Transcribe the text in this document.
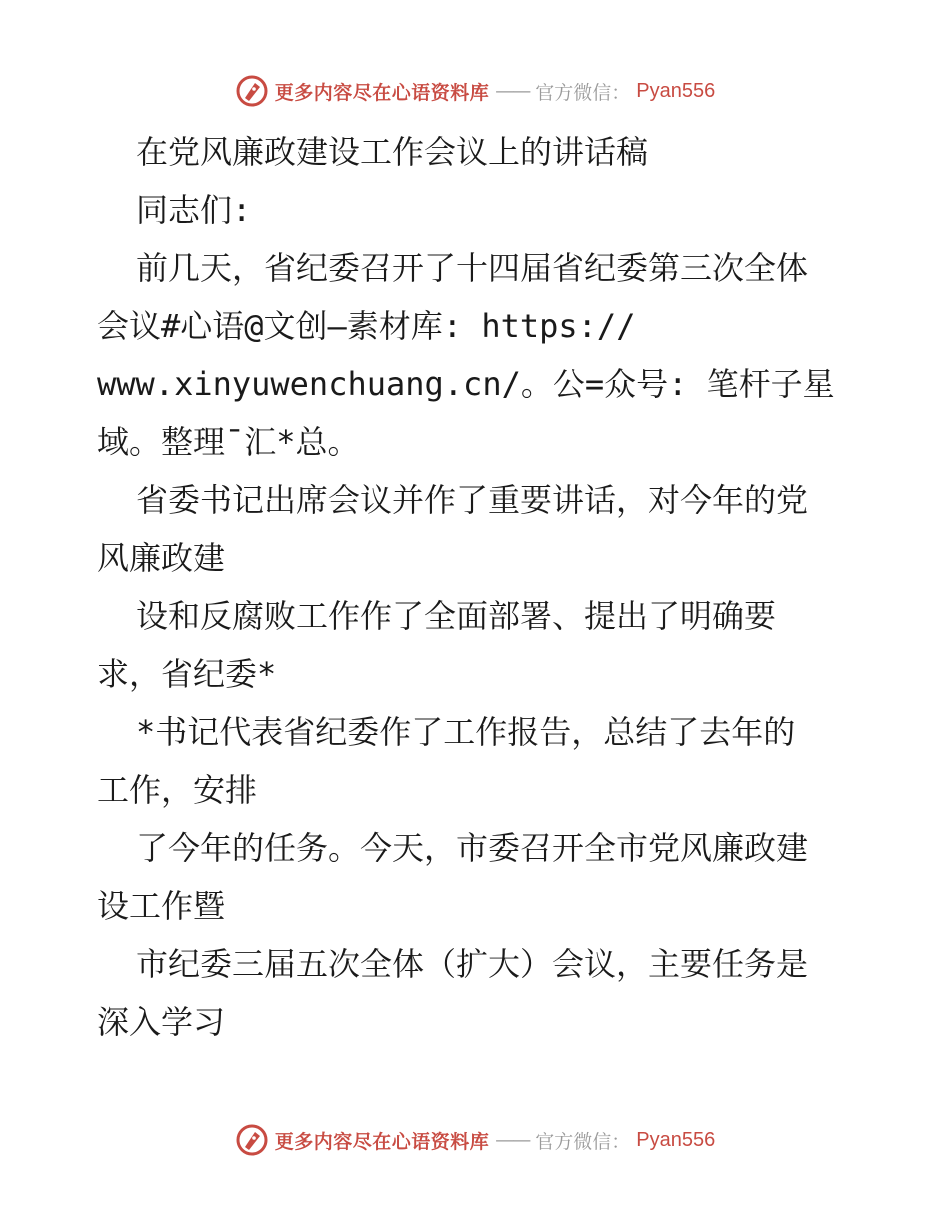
更多内容尽在心语资料库 —— 官方微信： Pyan556
在党风廉政建设工作会议上的讲话稿
同志们:
前几天，省纪委召开了十四届省纪委第三次全体
会议#心语@文创—素材库: https://
www.xinyuwenchuang.cn/。公=众号: 笔杆子星
域。整理¯汇*总。
省委书记出席会议并作了重要讲话，对今年的党
风廉政建
设和反腐败工作作了全面部署、提出了明确要
求，省纪委*
*书记代表省纪委作了工作报告，总结了去年的
工作，安排
了今年的任务。今天，市委召开全市党风廉政建
设工作暨
市纪委三届五次全体（扩大）会议，主要任务是
深入学习
更多内容尽在心语资料库 —— 官方微信： Pyan556
